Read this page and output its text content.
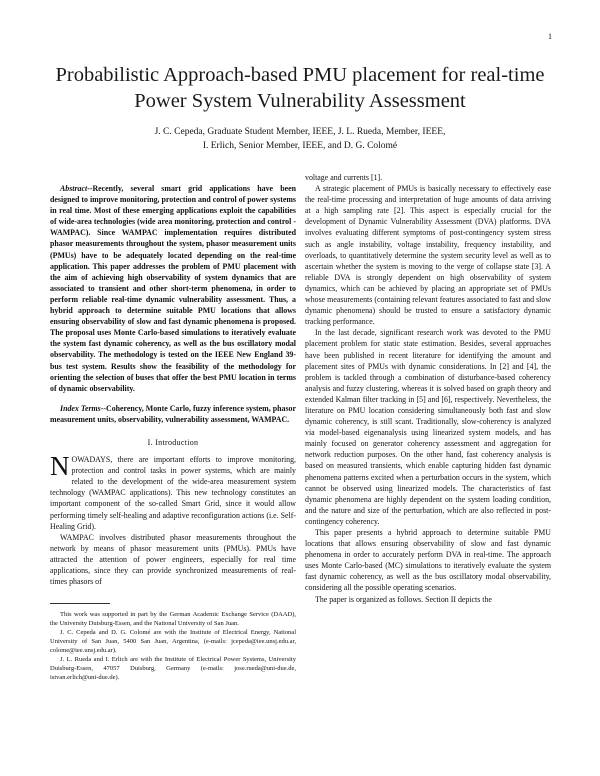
1
Probabilistic Approach-based PMU placement for real-time Power System Vulnerability Assessment
J. C. Cepeda, Graduate Student Member, IEEE, J. L. Rueda, Member, IEEE,
I. Erlich, Senior Member, IEEE, and D. G. Colomé

Abstract--Recently, several smart grid applications have been designed to improve monitoring, protection and control of power systems in real time. Most of these emerging applications exploit the capabilities of wide-area technologies (wide area monitoring, protection and control - WAMPAC). Since WAMPAC implementation requires distributed phasor measurements throughout the system, phasor measurement units (PMUs) have to be adequately located depending on the real-time application. This paper addresses the problem of PMU placement with the aim of achieving high observability of system dynamics that are associated to transient and other short-term phenomena, in order to perform reliable real-time dynamic vulnerability assessment. Thus, a hybrid approach to determine suitable PMU locations that allows ensuring observability of slow and fast dynamic phenomena is proposed. The proposal uses Monte Carlo-based simulations to iteratively evaluate the system fast dynamic coherency, as well as the bus oscillatory modal observability. The methodology is tested on the IEEE New England 39-bus test system. Results show the feasibility of the methodology for orienting the selection of buses that offer the best PMU location in terms of dynamic observability.

Index Terms--Coherency, Monte Carlo, fuzzy inference system, phasor measurement units, observability, vulnerability assessment, WAMPAC.

I. Introduction

NOWADAYS, there are important efforts to improve monitoring, protection and control tasks in power systems, which are mainly related to the development of the wide-area measurement system technology (WAMPAC applications). This new technology constitutes an important component of the so-called Smart Grid, since it would allow performing timely self-healing and adaptive reconfiguration actions (i.e. Self-Healing Grid).

WAMPAC involves distributed phasor measurements throughout the network by means of phasor measurement units (PMUs). PMUs have attracted the attention of power engineers, especially for real time applications, since they can provide synchronized measurements of real-times phasors of

This work was supported in part by the German Academic Exchange Service (DAAD), the University Duisburg-Essen, and the National University of San Juan.

J. C. Cepeda and D. G. Colomé are with the Institute of Electrical Energy, National University of San Juan, 5400 San Juan, Argentina, (e-mails: jcepeda@iee.unsj.edu.ar, colome@iee.unsj.edu.ar).

J. L. Rueda and I. Erlich are with the Institute of Electrical Power Systems, University Duisburg-Essen, 47057 Duisburg, Germany (e-mails: jose.rueda@uni-due.de, istvan.erlich@uni-due.de).

voltage and currents [1].

A strategic placement of PMUs is basically necessary to effectively ease the real-time processing and interpretation of huge amounts of data arriving at a high sampling rate [2]. This aspect is especially crucial for the development of Dynamic Vulnerability Assessment (DVA) platforms. DVA involves evaluating different symptoms of post-contingency system stress such as angle instability, voltage instability, frequency instability, and overloads, to quantitatively determine the system security level as well as to ascertain whether the system is moving to the verge of collapse state [3]. A reliable DVA is strongly dependent on high observability of system dynamics, which can be achieved by placing an appropriate set of PMUs whose measurements (containing relevant features associated to fast and slow dynamic phenomena) should be trusted to ensure a satisfactory dynamic tracking performance.

In the last decade, significant research work was devoted to the PMU placement problem for static state estimation. Besides, several approaches have been published in recent literature for identifying the amount and placement sites of PMUs with dynamic considerations. In [2] and [4], the problem is tackled through a combination of disturbance-based coherency analysis and fuzzy clustering, whereas it is solved based on graph theory and extended Kalman filter tracking in [5] and [6], respectively. Nevertheless, the literature on PMU location considering simultaneously both fast and slow dynamic coherency, is still scant. Traditionally, slow-coherency is analyzed via model-based eigenanalysis using linearized system models, and has mainly focused on generator coherency assessment and aggregation for network reduction purposes. On the other hand, fast coherency analysis is based on measured transients, which enable capturing hidden fast dynamic phenomena patterns excited when a perturbation occurs in the system, which cannot be observed using linearized models. The characteristics of fast dynamic phenomena are highly dependent on the system loading condition, and the nature and size of the perturbation, which are also reflected in post-contingency coherency.

This paper presents a hybrid approach to determine suitable PMU locations that allows ensuring observability of slow and fast dynamic phenomena in order to accurately perform DVA in real-time. The approach uses Monte Carlo-based (MC) simulations to iteratively evaluate the system fast dynamic coherency, as well as the bus oscillatory modal observability, considering all the possible operating scenarios.

The paper is organized as follows. Section II depicts the
